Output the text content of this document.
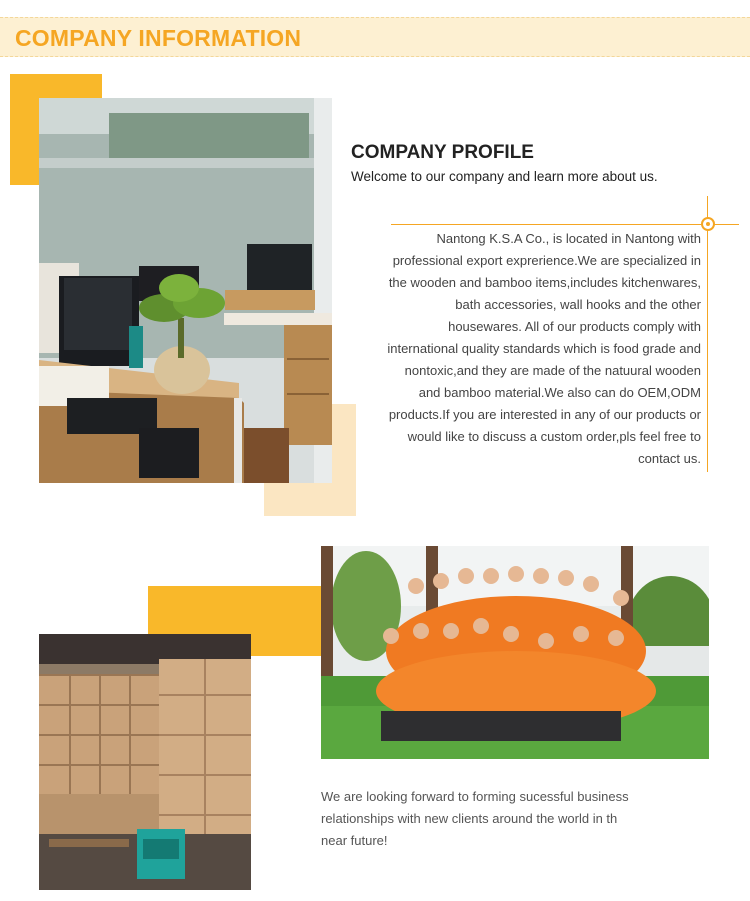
COMPANY INFORMATION
COMPANY PROFILE
Welcome to our company and learn more about us.
Nantong K.S.A Co., is located in Nantong with
professional export exprerience.We are specialized in
the wooden and bamboo items,includes kitchenwares,
bath accessories, wall hooks and the other
housewares. All of our products comply with
international quality standards which is food grade and
nontoxic,and they are made of the natuural wooden
and bamboo material.We also can do OEM,ODM
products.If you are interested in any of our products or
would like to discuss a custom order,pls feel free to
contact us.
We are looking forward to forming sucessful business
relationships with new clients around the world in th
near future!
